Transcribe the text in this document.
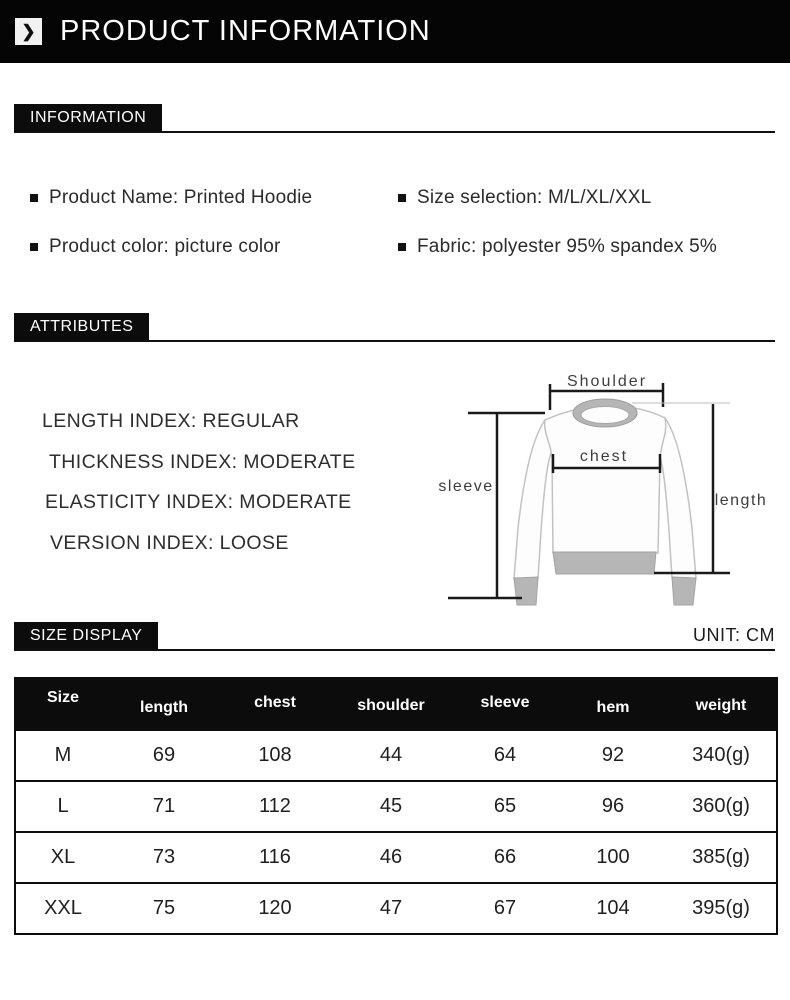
❯ PRODUCT INFORMATION
INFORMATION
Product Name: Printed Hoodie	Size selection: M/L/XL/XXL
Product color: picture color	Fabric: polyester 95% spandex 5%
ATTRIBUTES
LENGTH INDEX: REGULAR
THICKNESS INDEX: MODERATE
ELASTICITY INDEX: MODERATE
VERSION INDEX: LOOSE
Shoulder
chest
sleeve
length
SIZE DISPLAY	UNIT: CM
Size	length	chest	shoulder	sleeve	hem	weight
M	69	108	44	64	92	340(g)
L	71	112	45	65	96	360(g)
XL	73	116	46	66	100	385(g)
XXL	75	120	47	67	104	395(g)
